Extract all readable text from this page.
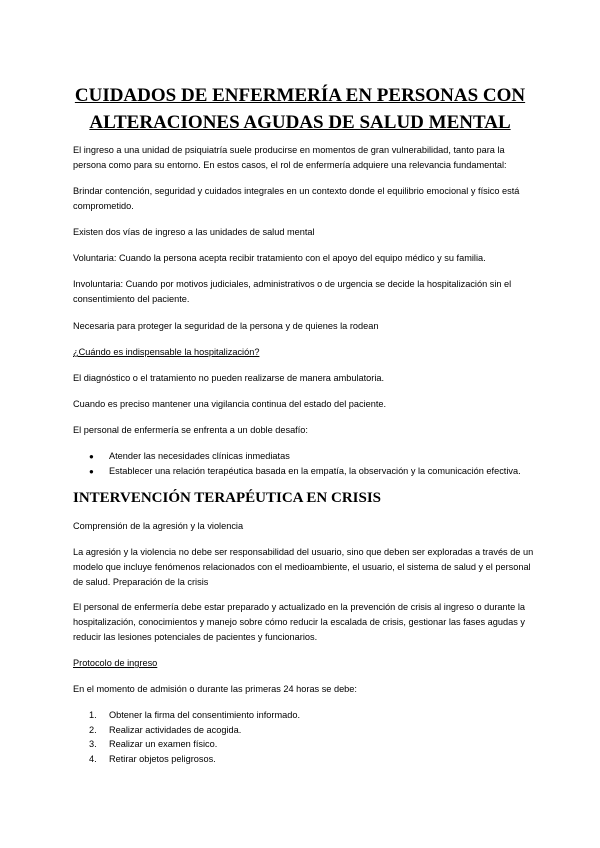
CUIDADOS DE ENFERMERÍA EN PERSONAS CON ALTERACIONES AGUDAS DE SALUD MENTAL

El ingreso a una unidad de psiquiatría suele producirse en momentos de gran vulnerabilidad, tanto para la persona como para su entorno. En estos casos, el rol de enfermería adquiere una relevancia fundamental:

Brindar contención, seguridad y cuidados integrales en un contexto donde el equilibrio emocional y físico está comprometido.

Existen dos vías de ingreso a las unidades de salud mental

Voluntaria: Cuando la persona acepta recibir tratamiento con el apoyo del equipo médico y su familia.

Involuntaria: Cuando por motivos judiciales, administrativos o de urgencia se decide la hospitalización sin el consentimiento del paciente.

Necesaria para proteger la seguridad de la persona y de quienes la rodean

¿Cuándo es indispensable la hospitalización?

El diagnóstico o el tratamiento no pueden realizarse de manera ambulatoria.

Cuando es preciso mantener una vigilancia continua del estado del paciente.

El personal de enfermería se enfrenta a un doble desafío:

● Atender las necesidades clínicas inmediatas
● Establecer una relación terapéutica basada en la empatía, la observación y la comunicación efectiva.
INTERVENCIÓN TERAPÉUTICA EN CRISIS

Comprensión de la agresión y la violencia

La agresión y la violencia no debe ser responsabilidad del usuario, sino que deben ser exploradas a través de un modelo que incluye fenómenos relacionados con el medioambiente, el usuario, el sistema de salud y el personal de salud. Preparación de la crisis

El personal de enfermería debe estar preparado y actualizado en la prevención de crisis al ingreso o durante la hospitalización, conocimientos y manejo sobre cómo reducir la escalada de crisis, gestionar las fases agudas y reducir las lesiones potenciales de pacientes y funcionarios.

Protocolo de ingreso

En el momento de admisión o durante las primeras 24 horas se debe:

1. Obtener la firma del consentimiento informado.
2. Realizar actividades de acogida.
3. Realizar un examen físico.
4. Retirar objetos peligrosos.
